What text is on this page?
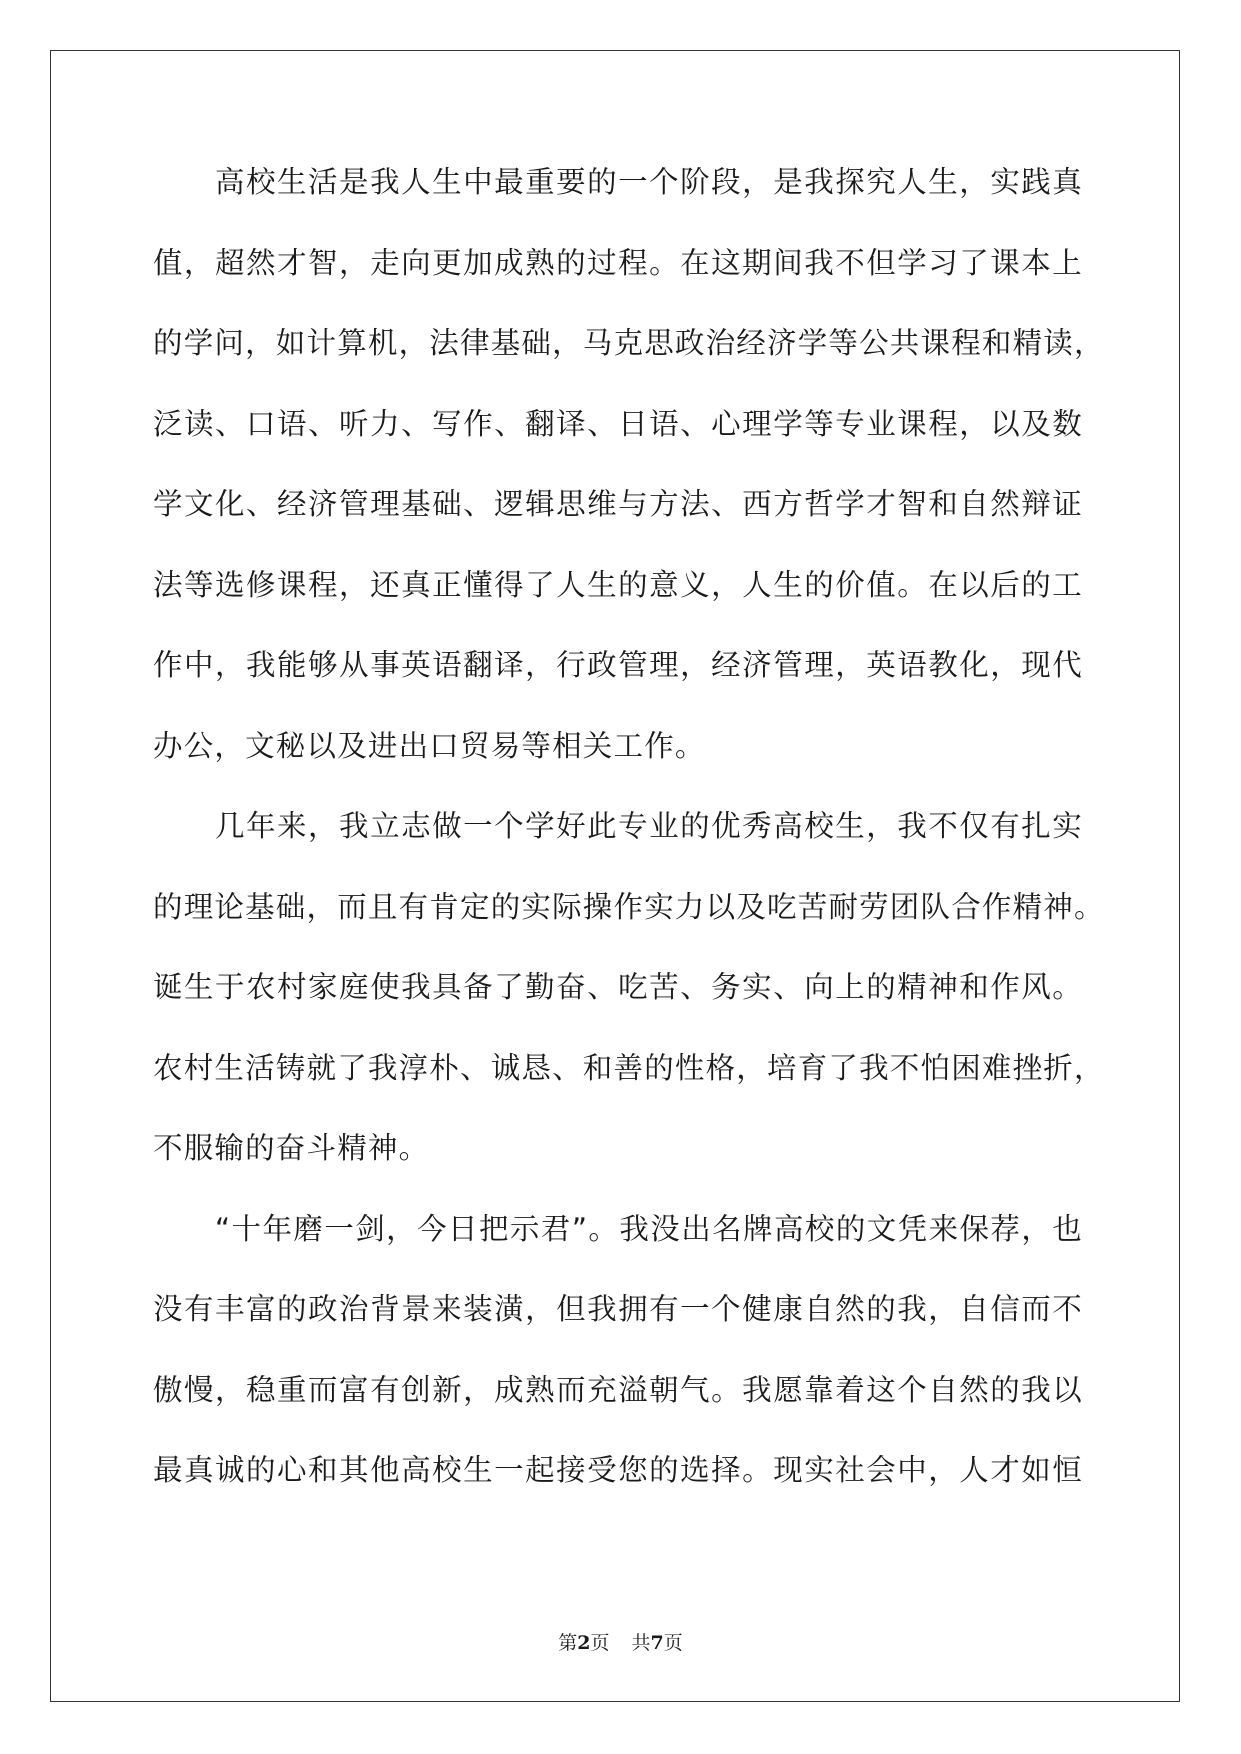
　　高校生活是我人生中最重要的一个阶段，是我探究人生，实践真
值，超然才智，走向更加成熟的过程。在这期间我不但学习了课本上
的学问，如计算机，法律基础，马克思政治经济学等公共课程和精读，
泛读、口语、听力、写作、翻译、日语、心理学等专业课程，以及数
学文化、经济管理基础、逻辑思维与方法、西方哲学才智和自然辩证
法等选修课程，还真正懂得了人生的意义，人生的价值。在以后的工
作中，我能够从事英语翻译，行政管理，经济管理，英语教化，现代
办公，文秘以及进出口贸易等相关工作。
　　几年来，我立志做一个学好此专业的优秀高校生，我不仅有扎实
的理论基础，而且有肯定的实际操作实力以及吃苦耐劳团队合作精神。
诞生于农村家庭使我具备了勤奋、吃苦、务实、向上的精神和作风。
农村生活铸就了我淳朴、诚恳、和善的性格，培育了我不怕困难挫折，
不服输的奋斗精神。
　　“十年磨一剑，今日把示君”。我没出名牌高校的文凭来保荐，也
没有丰富的政治背景来装潢，但我拥有一个健康自然的我，自信而不
傲慢，稳重而富有创新，成熟而充溢朝气。我愿靠着这个自然的我以
最真诚的心和其他高校生一起接受您的选择。现实社会中，人才如恒
第2页 共7页
